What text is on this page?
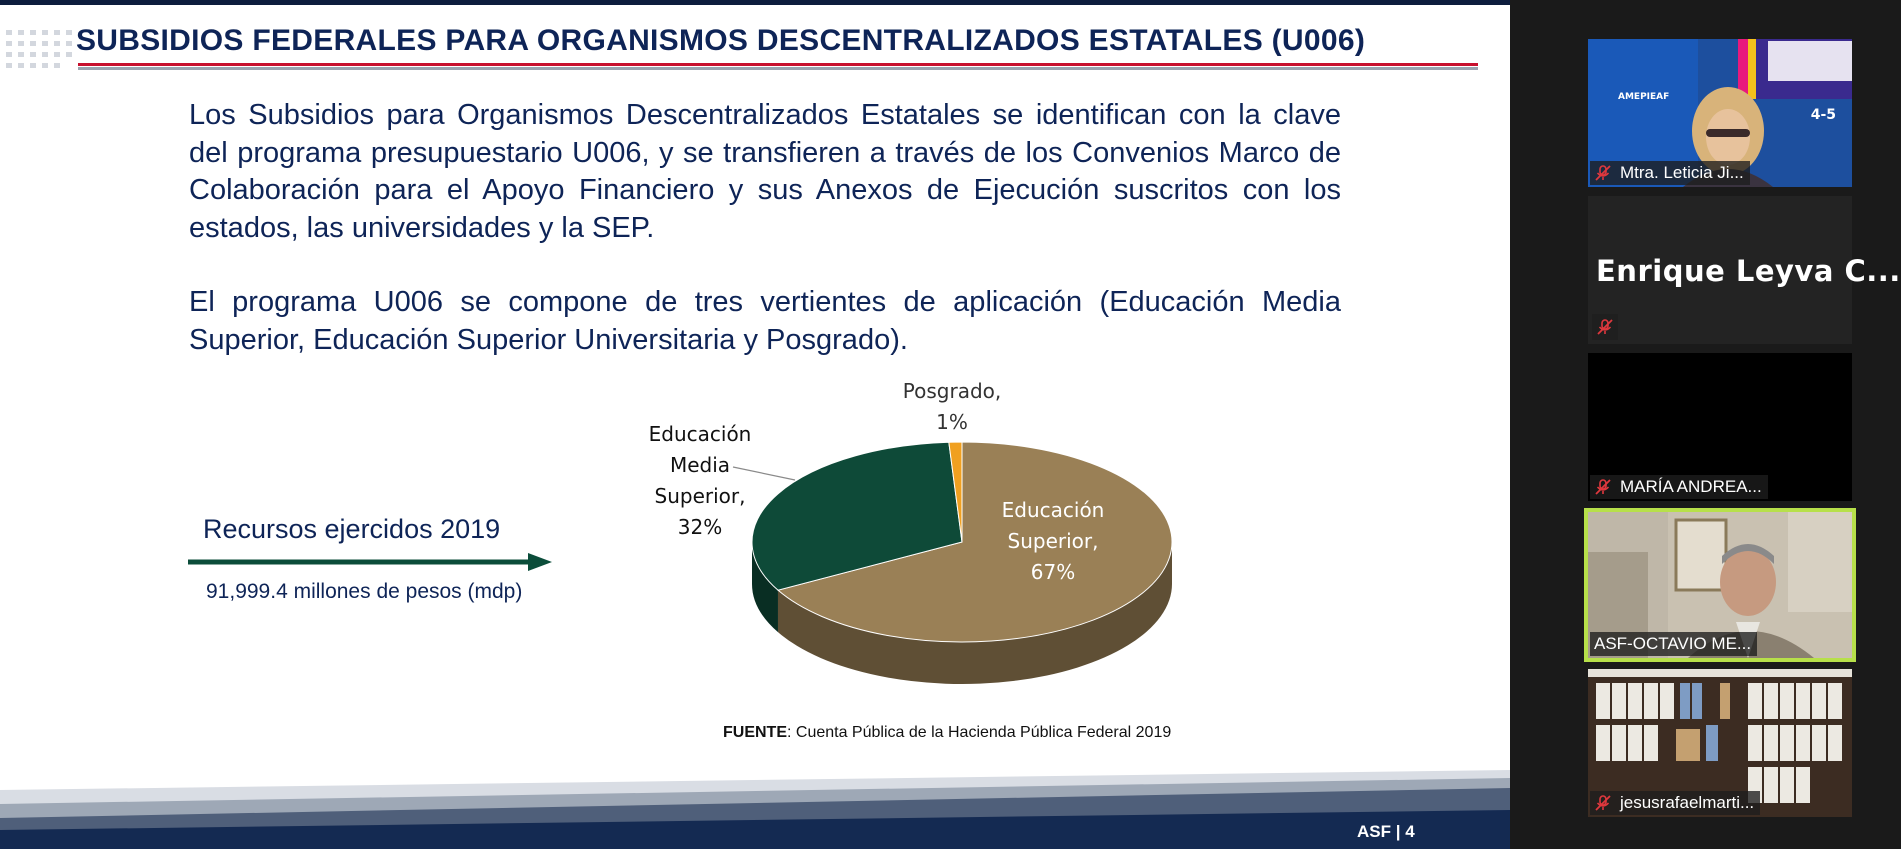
SUBSIDIOS FEDERALES PARA ORGANISMOS DESCENTRALIZADOS ESTATALES (U006)

Los Subsidios para Organismos Descentralizados Estatales se identifican con la clave del programa presupuestario U006, y se transfieren a través de los Convenios Marco de Colaboración para el Apoyo Financiero y sus Anexos de Ejecución suscritos con los estados, las universidades y la SEP.

El programa U006 se compone de tres vertientes de aplicación (Educación Media Superior, Educación Superior Universitaria y Posgrado).

Recursos ejercidos 2019
91,999.4 millones de pesos (mdp)
Educación Superior, 67%
Educación Media Superior, 32%
Posgrado, 1%
FUENTE: Cuenta Pública de la Hacienda Pública Federal 2019
ASF | 4
AMEPIEAF
4-5
Mtra. Leticia Ji...
Enrique Leyva C...
MARÍA ANDREA...
ASF-OCTAVIO ME...
jesusrafaelmarti...
